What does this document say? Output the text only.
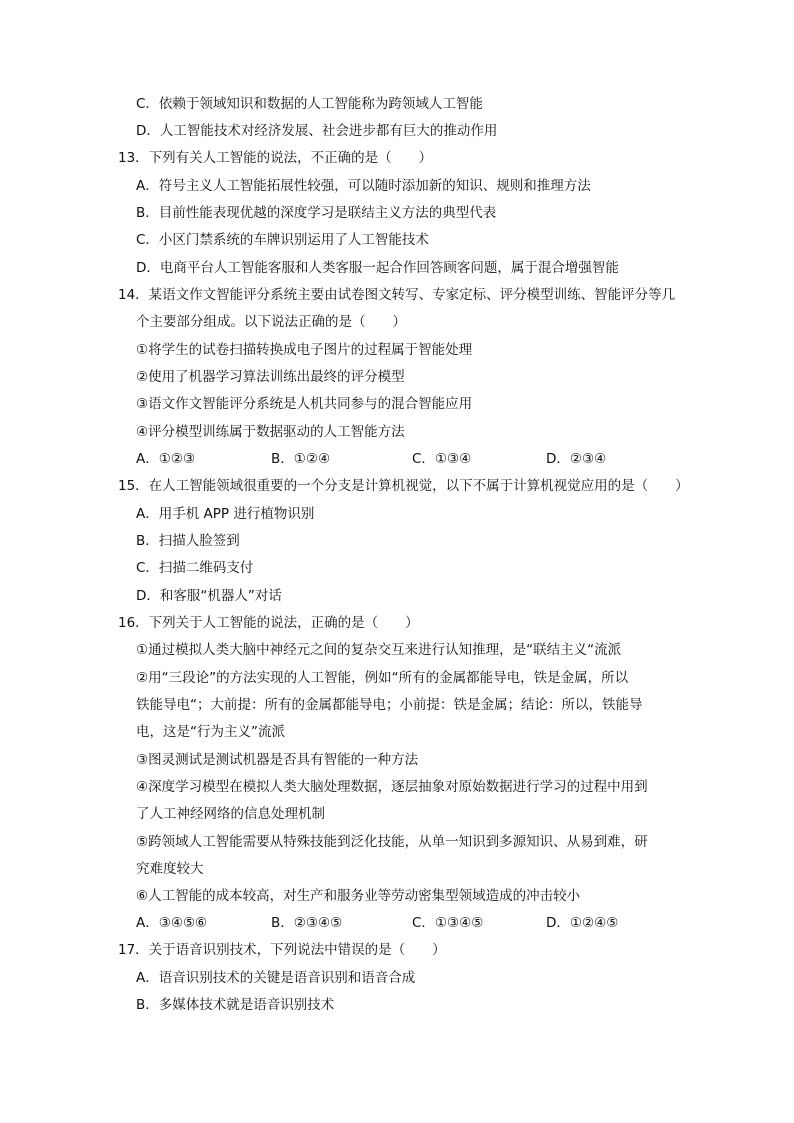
C．依赖于领域知识和数据的人工智能称为跨领域人工智能
D．人工智能技术对经济发展、社会进步都有巨大的推动作用
13．下列有关人工智能的说法，不正确的是（　　）
A．符号主义人工智能拓展性较强，可以随时添加新的知识、规则和推理方法
B．目前性能表现优越的深度学习是联结主义方法的典型代表
C．小区门禁系统的车牌识别运用了人工智能技术
D．电商平台人工智能客服和人类客服一起合作回答顾客问题，属于混合增强智能
14．某语文作文智能评分系统主要由试卷图文转写、专家定标、评分模型训练、智能评分等几
个主要部分组成。以下说法正确的是（　　）
①将学生的试卷扫描转换成电子图片的过程属于智能处理
②使用了机器学习算法训练出最终的评分模型
③语文作文智能评分系统是人机共同参与的混合智能应用
④评分模型训练属于数据驱动的人工智能方法
A．①②③	B．①②④	C．①③④	D．②③④
15．在人工智能领域很重要的一个分支是计算机视觉，以下不属于计算机视觉应用的是（　　）
A．用手机 APP 进行植物识别
B．扫描人脸签到
C．扫描二维码支付
D．和客服“机器人”对话
16．下列关于人工智能的说法，正确的是（　　）
①通过模拟人类大脑中神经元之间的复杂交互来进行认知推理，是“联结主义“流派
②用“三段论”的方法实现的人工智能，例如“所有的金属都能导电，铁是金属，所以
铁能导电“；大前提：所有的金属都能导电；小前提：铁是金属；结论：所以，铁能导
电，这是“行为主义”流派
③图灵测试是测试机器是否具有智能的一种方法
④深度学习模型在模拟人类大脑处理数据，逐层抽象对原始数据进行学习的过程中用到
了人工神经网络的信息处理机制
⑤跨领域人工智能需要从特殊技能到泛化技能，从单一知识到多源知识、从易到难，研
究难度较大
⑥人工智能的成本较高，对生产和服务业等劳动密集型领域造成的冲击较小
A．③④⑤⑥	B．②③④⑤	C．①③④⑤	D．①②④⑤
17．关于语音识别技术，下列说法中错误的是（　　）
A．语音识别技术的关键是语音识别和语音合成
B．多媒体技术就是语音识别技术
